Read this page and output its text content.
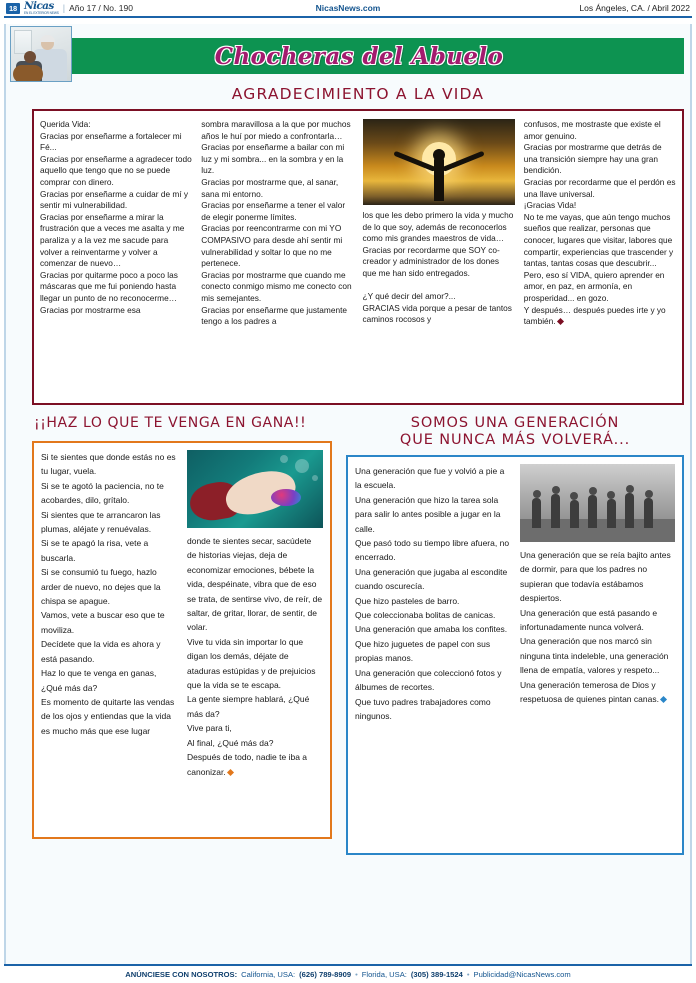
18 Nicas
EN EL EXTERIOR NEWS | Año 17 / No. 190	NicasNews.com	Los Ángeles, CA. / Abril 2022
Chocheras del Abuelo
AGRADECIMIENTO A LA VIDA

Querida Vida:

Gracias por enseñarme a fortalecer mi Fé...

Gracias por enseñarme a agradecer todo aquello que tengo que no se puede comprar con dinero.

Gracias por enseñarme a cuidar de mí y sentir mi vulnerabilidad.

Gracias por enseñarme a mirar la frustración que a veces me asalta y me paraliza y a la vez me sacude para volver a reinventarme y volver a comenzar de nuevo…

Gracias por quitarme poco a poco las máscaras que me fui poniendo hasta llegar un punto de no reconocerme…

Gracias por mostrarme esa

sombra maravillosa a la que por muchos años le huí por miedo a confrontarla…

Gracias por enseñarme a bailar con mi luz y mi sombra... en la sombra y en la luz.

Gracias por mostrarme que, al sanar, sana mi entorno.

Gracias por enseñarme a tener el valor de elegir ponerme límites.

Gracias por reencontrarme con mi YO COMPASIVO para desde ahí sentir mi vulnerabilidad y soltar lo que no me pertenece.

Gracias por mostrarme que cuando me conecto conmigo mismo me conecto con mis semejantes.

Gracias por enseñarme que justamente tengo a los padres a

los que les debo primero la vida y mucho de lo que soy, además de reconocerlos como mis grandes maestros de vida…

Gracias por recordarme que SOY co-creador y administrador de los dones que me han sido entregados.

¿Y qué decir del amor?...

GRACIAS vida porque a pesar de tantos caminos rocosos y

confusos, me mostraste que existe el amor genuino.

Gracias por mostrarme que detrás de una transición siempre hay una gran bendición.

Gracias por recordarme que el perdón es una llave universal.

¡Gracias Vida!

No te me vayas, que aún tengo muchos sueños que realizar, personas que conocer, lugares que visitar, labores que compartir, experiencias que trascender y tantas, tantas cosas que descubrir... Pero, eso sí VIDA, quiero aprender en amor, en paz, en armonía, en prosperidad... en gozo.

Y después… después puedes irte y yo también.

¡¡HAZ LO QUE TE VENGA EN GANA!!

Si te sientes que donde estás no es tu lugar, vuela.

Si se te agotó la paciencia, no te acobardes, dilo, grítalo.

Si sientes que te arrancaron las plumas, aléjate y renuévalas.

Si se te apagó la risa, vete a buscarla.

Si se consumió tu fuego, hazlo arder de nuevo, no dejes que la chispa se apague.

Vamos, vete a buscar eso que te moviliza.

Decídete que la vida es ahora y está pasando.

Haz lo que te venga en ganas, ¿Qué más da?

Es momento de quitarte las vendas de los ojos y entiendas que la vida es mucho más que ese lugar

donde te sientes secar, sacúdete de historias viejas, deja de economizar emociones, bébete la vida, despéinate, vibra que de eso se trata, de sentirse vivo, de reír, de saltar, de gritar, llorar, de sentir, de volar.

Vive tu vida sin importar lo que digan los demás, déjate de ataduras estúpidas y de prejuicios que la vida se te escapa.

La gente siempre hablará, ¿Qué más da?

Vive para ti,

Al final, ¿Qué más da?

Después de todo, nadie te iba a canonizar.

SOMOS UNA GENERACIÓN
QUE NUNCA MÁS VOLVERÁ...

Una generación que fue y volvió a pie a la escuela.

Una generación que hizo la tarea sola para salir lo antes posible a jugar en la calle.

Que pasó todo su tiempo libre afuera, no encerrado.

Una generación que jugaba al escondite cuando oscurecía.

Que hizo pasteles de barro.

Que coleccionaba bolitas de canicas.

Una generación que amaba los confites.

Que hizo juguetes de papel con sus propias manos.

Una generación que coleccionó fotos y álbumes de recortes.

Que tuvo padres trabajadores como ningunos.

Una generación que se reía bajito antes de dormir, para que los padres no supieran que todavía estábamos despiertos.

Una generación que está pasando e infortunadamente nunca volverá.

Una generación que nos marcó sin ninguna tinta indeleble, una generación llena de empatía, valores y respeto...

Una generación temerosa de Dios y respetuosa de quienes pintan canas.

ANÚNCIESE CON NOSOTROS: California, USA: (626) 789-8909 • Florida, USA: (305) 389-1524 • Publicidad@NicasNews.com
